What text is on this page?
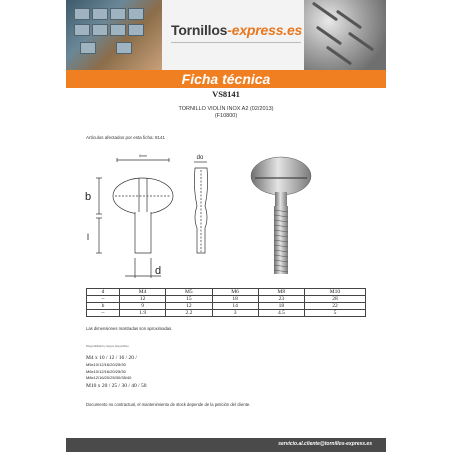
Tornillos-express.es
Ficha técnica
VS8141
TORNILLO VIOLÍN INOX A2 (02/2013)
(F10800)
Artículos afectados por esta ficha: 8141
6mm
b
l
d
do
d	M4	M5	M6	M8	M10
~	12	15	18	23	28
b	9	12	14	18	22
~	1.9	2.2	3	4.5	5
Las dimensiones mostradas son aproximadas.
Disponibilidad y largos disponibles
M4 x 10 / 12 / 16 / 20 /
M5x10/12/16/20/25/30
M6x10/12/16/20/25/30
M8x12/16/20/25/30/35/40
M10 x 20 / 25 / 30 / 40 / 50
Documento no contractual, el mantenimiento de stock depende de la petición del cliente.
servicio.al.cliente@tornillos-express.es
